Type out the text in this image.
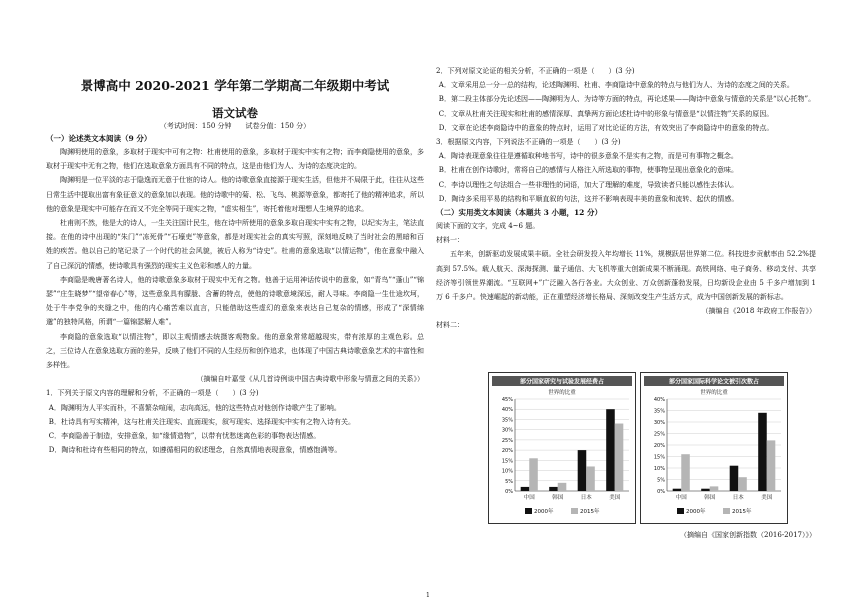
景博高中 2020-2021 学年第二学期高二年级期中考试
语文试卷
（考试时间：150 分钟　　试卷分值：150 分）
（一）论述类文本阅读（9 分）

陶渊明使用的意象，多取材于现实中可有之物：杜甫使用的意象，多取材于现实中实有之物；而李商隐使用的意象，多取材于现实中无有之物，他们在选取意象方面具有不同的特点，这是由他们为人、为诗的态度决定的。

陶渊明是一位平淡的志于隐逸而无意于仕宦的诗人。他的诗歌意象直接源于现实生活，但他并不局限于此，往往从这些日常生活中提取出富有象征意义的意象加以表现。他的诗歌中的菊、松、飞鸟、桃源等意象，都寄托了他的精神追求，所以他的意象是现实中可能存在而又不完全等同于现实之物，“虚实相生”，寄托着他对理想人生境界的追求。

杜甫则不然，他是大的诗人，一生关注国计民生，他在诗中所使用的意象多取自现实中实有之物，以纪实为主，笔法直接。在他的诗中出现的“朱门”“冻死骨”“石壕吏”等意象，都是对现实社会的真实写照，深刻地反映了当时社会的黑暗和百姓的疾苦。他以自己的笔记录了一个时代的社会风貌，被后人称为“诗史”。杜甫的意象选取“以情运物”，他在意象中融入了自己深沉的情感，使诗歌具有强烈的现实主义色彩和感人的力量。

李商隐是晚唐著名诗人，他的诗歌意象多取材于现实中无有之物。他善于运用神话传说中的意象，如“青鸟”“蓬山”“锦瑟”“庄生晓梦”“望帝春心”等，这些意象具有朦胧、含蓄的特点，使他的诗歌意境深远，耐人寻味。李商隐一生仕途坎坷，处于牛李党争的夹缝之中，他的内心痛苦难以直言，只能借助这些虚幻的意象来表达自己复杂的情感，形成了“深情绵邈”的独特风格，所谓“一篇锦瑟解人难”。

李商隐的意象选取“以情注物”，即以主观情感去统摄客观物象。他的意象常常超越现实，带有浓厚的主观色彩。总之，三位诗人在意象选取方面的差异，反映了他们不同的人生经历和创作追求，也体现了中国古典诗歌意象艺术的丰富性和多样性。

（摘编自叶嘉莹《从几首诗例谈中国古典诗歌中形象与情意之间的关系》）

1．下列关于原文内容的理解和分析，不正确的一项是（　　）(3 分)

A．陶渊明为人平实而朴，不喜繁杂喧闹，志向高远，他的这些特点对他创作诗歌产生了影响。

B．杜诗具有写实精神，这与杜甫关注现实、直面现实，叙写现实、选择现实中实有之物入诗有关。

C．李商隐善于制造，安排意象，如“缘情造物”，以带有忧愁迷离色彩的事物表达情感。

D．陶诗和杜诗有些相同的特点，如遵循相同的叙述理念，自然真情地表现意象，情感饱满等。

2．下列对原文论证的相关分析，不正确的一项是（　　）(3 分)

A．文章采用总一分一总的结构，论述陶渊明、杜甫、李商隐诗中意象的特点与他们为人、为诗的态度之间的关系。

B．第二段主体部分先论述因——陶渊明为人、为诗等方面的特点，再论述果——陶诗中意象与情意的关系是“以心托物”。

C．文章从杜甫关注现实和杜甫的感情深厚、真挚两方面论述杜诗中的形象与情意是“以情注物”关系的原因。

D．文章在论述李商隐诗中的意象的特点时，运用了对比论证的方法，有效突出了李商隐诗中的意象的特点。

3．根据原文内容，下列说法不正确的一项是（　　）(3 分)

A．陶诗表现意象往往是遵循取种地书写，诗中的很多意象不是实有之物，而是可有事物之概念。

B．杜甫在创作诗歌时，常将自己的感情与人格注入所选取的事物，使事物呈现出意象化的意味。

C．李诗以理性之句法组合一些非理性的词语，加大了理解的难度，导致读者只能以感性去体认。

D．陶诗多采用平易的结构和平顺直叙的句法，这并不影响表现丰美的意象和流转、起伏的情感。

（二）实用类文本阅读（本题共 3 小题，12 分）

阅读下面的文字，完成 4~6 题。

材料一：

五年来，创新驱动发展成果丰硕。全社会研发投入年均增长 11%，规模跃居世界第二位。科技进步贡献率由 52.2%提高到 57.5%。载人航天、深海探测、量子通信、大飞机等重大创新成果不断涌现。高铁网络、电子商务、移动支付、共享经济等引领世界潮流。“互联网+”广泛融入各行各业。大众创业、万众创新蓬勃发展，日均新设企业由 5 千多户增加到 1 万 6 千多户。快速崛起的新动能，正在重塑经济增长格局、深刻改变生产生活方式，成为中国创新发展的新标志。

（摘编自《2018 年政府工作报告》）

材料二：

部分国家研究与试验发展经费占
世界的比重
0%
5%
10%
15%
20%
25%
30%
35%
40%
45%
中国	韩国	日本	美国
2000年	2015年
部分国家国际科学论文被引次数占
世界的比重
0%
5%
10%
15%
20%
25%
30%
35%
40%
中国	韩国	日本	美国
2000年	2015年

（摘编自《国家创新指数（2016-2017）》）

1
